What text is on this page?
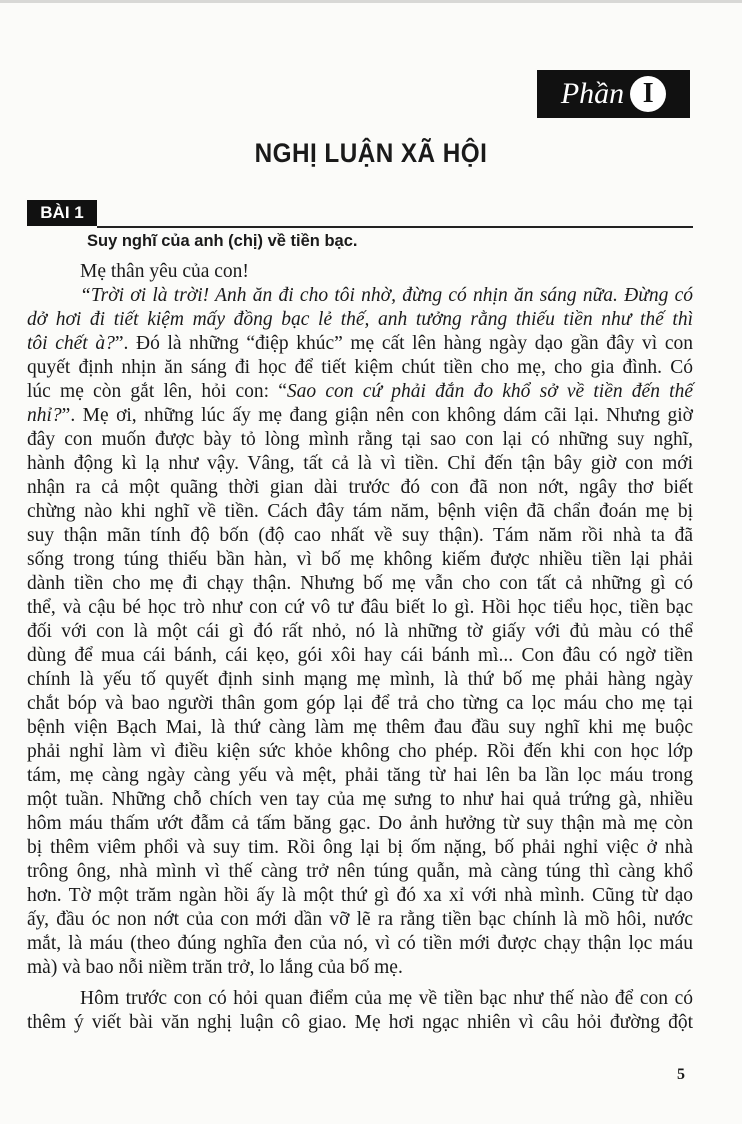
Phần I
NGHỊ LUẬN XÃ HỘI
BÀI 1
Suy nghĩ của anh (chị) về tiền bạc.
Mẹ thân yêu của con!
“Trời ơi là trời! Anh ăn đi cho tôi nhờ, đừng có nhịn ăn sáng nữa. Đừng có
dở hơi đi tiết kiệm mấy đồng bạc lẻ thế, anh tưởng rằng thiếu tiền như thế thì
tôi chết à?”. Đó là những “điệp khúc” mẹ cất lên hàng ngày dạo gần đây vì con
quyết định nhịn ăn sáng đi học để tiết kiệm chút tiền cho mẹ, cho gia đình. Có
lúc mẹ còn gắt lên, hỏi con: “Sao con cứ phải đắn đo khổ sở về tiền đến thế
nhỉ?”. Mẹ ơi, những lúc ấy mẹ đang giận nên con không dám cãi lại. Nhưng giờ
đây con muốn được bày tỏ lòng mình rằng tại sao con lại có những suy nghĩ,
hành động kì lạ như vậy. Vâng, tất cả là vì tiền. Chỉ đến tận bây giờ con mới
nhận ra cả một quãng thời gian dài trước đó con đã non nớt, ngây thơ biết
chừng nào khi nghĩ về tiền. Cách đây tám năm, bệnh viện đã chẩn đoán mẹ bị
suy thận mãn tính độ bốn (độ cao nhất về suy thận). Tám năm rồi nhà ta đã
sống trong túng thiếu bần hàn, vì bố mẹ không kiếm được nhiều tiền lại phải
dành tiền cho mẹ đi chạy thận. Nhưng bố mẹ vẫn cho con tất cả những gì có
thể, và cậu bé học trò như con cứ vô tư đâu biết lo gì. Hồi học tiểu học, tiền bạc
đối với con là một cái gì đó rất nhỏ, nó là những tờ giấy với đủ màu có thể
dùng để mua cái bánh, cái kẹo, gói xôi hay cái bánh mì... Con đâu có ngờ tiền
chính là yếu tố quyết định sinh mạng mẹ mình, là thứ bố mẹ phải hàng ngày
chắt bóp và bao người thân gom góp lại để trả cho từng ca lọc máu cho mẹ tại
bệnh viện Bạch Mai, là thứ càng làm mẹ thêm đau đầu suy nghĩ khi mẹ buộc
phải nghỉ làm vì điều kiện sức khỏe không cho phép. Rồi đến khi con học lớp
tám, mẹ càng ngày càng yếu và mệt, phải tăng từ hai lên ba lần lọc máu trong
một tuần. Những chỗ chích ven tay của mẹ sưng to như hai quả trứng gà, nhiều
hôm máu thấm ướt đẫm cả tấm băng gạc. Do ảnh hưởng từ suy thận mà mẹ còn
bị thêm viêm phổi và suy tim. Rồi ông lại bị ốm nặng, bố phải nghỉ việc ở nhà
trông ông, nhà mình vì thế càng trở nên túng quẫn, mà càng túng thì càng khổ
hơn. Tờ một trăm ngàn hồi ấy là một thứ gì đó xa xỉ với nhà mình. Cũng từ dạo
ấy, đầu óc non nớt của con mới dần vỡ lẽ ra rằng tiền bạc chính là mồ hôi, nước
mắt, là máu (theo đúng nghĩa đen của nó, vì có tiền mới được chạy thận lọc máu
mà) và bao nỗi niềm trăn trở, lo lắng của bố mẹ.
Hôm trước con có hỏi quan điểm của mẹ về tiền bạc như thế nào để con có
thêm ý viết bài văn nghị luận cô giao. Mẹ hơi ngạc nhiên vì câu hỏi đường đột
5
